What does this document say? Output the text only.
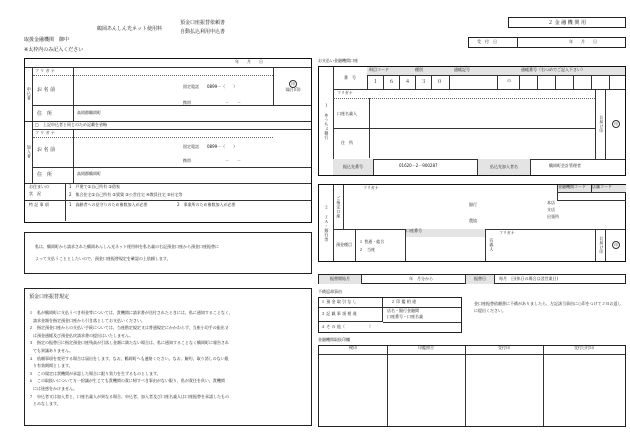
鶴岡あんしん光ネット使用料
預金口座振替依頼書
自動払込利用申込書
２ 金 融 機 関 用
取扱金融機関　御中
※太枠内のみ記入ください
受　付　日	年　　月　　日
年　　月　　日
申込者
フ リ ガ ナ
お 名 前
固定電話 0899－（　　）
携帯	－　　－
印
(取引印)
住　所	高岡郡鶴岡町
加入者
□ 上記申込者と同じのため記載を省略
フ リ ガ ナ
お 名 前
固定電話 0899－（　　）
携帯	－　　－
住　所	高岡郡鶴岡町
お住まいの
状　況
1　戸建て①自己所有 ②借家
2　集合住宅①自己所有 ②賃貸 ③公営住宅 ④教員住宅 ⑤社宅等
特 記 事 項	1　高齢者への見守りのため複数加入が必要	2　事業所のため複数加入が必要
私は、鶴岡町から請求された鶴岡あんしん光ネット使用料を私名義の右記預金口座から預金口座振替に
よって支払うこととしたいので、預金口座振替規定を確認の上依頼します。
預金口座振替規定
１　私が鶴岡町に支払うべき料金等については、貴機関に請求書が送付されたときには、私に通知することなく、
　請求金額を指定預金口座から引き落としてお支払いください。
２　指定預金口座からの支払い手続については、当座勘定規定又は普通規定にかかわらず、当座小切手の振出又
　は預金通帳及び預金払戻請求書の提出はいたしません。
３　指定の振替日に指定預金口座残高が引落し金額に満たない場合は、私に通知することなく鶴岡町に報告され
　ても異議ありません。
４　依頼事項を変更する場合は届出をします。なお、鶴岡町へも連絡ください。なお、解約、取り消しのない限
　り有効期間とします。
５　この規定は貴機関が承認した場合に限り効力を生ずるものとします。
６　この取扱いについて万一紛議が生じても貴機関の責に帰すべき事由がない限り、私が責任を負い、貴機関
　には迷惑をかけません。
７　申込者又は加入者と、口座名義人が異なる場合、申込者、加入者及び口座名義人は口座振替を承諾したもの
　とみなします。
お支払い金融機関口座
１ ゆうちょ銀行
番　号
料目コード	種別	通帳記号	通帳番号（右つめでご記入下さい）
１ ６ ４ ３ ０	の
フリガナ
口座名義人
住　所
お届け印	印
振込先番号	01620－2－900287	払込先加入者名	鶴岡町会計管理者
２ ＪＡ・銀行等
金融機関コード	店舗コード
フリガナ
ご指定口座	銀行
農協
本店
支店
出張所
預金種目
１ 普通・総合
２　当座
口座番号
名義人
フリガナ
お届け印	印
振替開始月	年　月分から	振替日	毎月　日(休日の場合は翌営業日)
不備返却事由
１ 預 金 取 引 な し	２ 印 鑑 相 違
３ 記 載 事 項 相 違
店名・銀行金融間
口座番号・口座名義
４ そ の 他（　　　　　　）
金口座振替依頼書に不備がありましたら、左記該当事由に○印をつけてＪＢお返しに提出ください。
金融機関取扱印欄
検印	印鑑照合	受付印	受付日付印
